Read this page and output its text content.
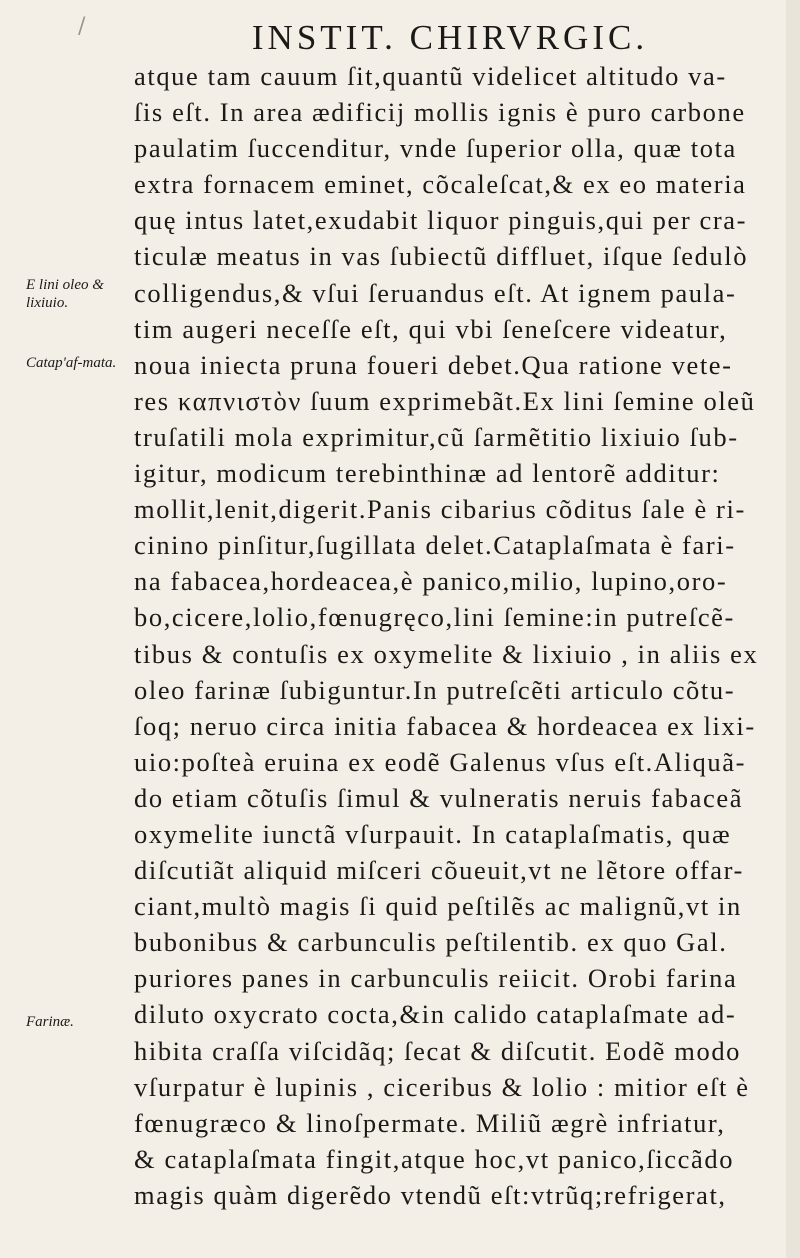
/	INSTIT. CHIRVRGIC.
E lini oleo & lixiuio.
Catap'af-mata.
Farinæ.
atque tam cauum ſit,quantũ videlicet altitudo va-
ſis eſt. In area ædificij mollis ignis è puro carbone
paulatim ſuccenditur, vnde ſuperior olla, quæ tota
extra fornacem eminet, cõcaleſcat,& ex eo materia
quę intus latet,exudabit liquor pinguis,qui per cra-
ticulæ meatus in vas ſubiectũ diffluet, iſque ſedulò
colligendus,& vſui ſeruandus eſt. At ignem paula-
tim augeri neceſſe eſt, qui vbi ſeneſcere videatur,
noua iniecta pruna foueri debet.Qua ratione vete-
res καπνιστὸν ſuum exprimebãt.Ex lini ſemine oleũ
truſatili mola exprimitur,cũ ſarmẽtitio lixiuio ſub-
igitur, modicum terebinthinæ ad lentorẽ additur:
mollit,lenit,digerit.Panis cibarius cõditus ſale è ri-
cinino pinſitur,ſugillata delet.Cataplaſmata è fari-
na fabacea,hordeacea,è panico,milio, lupino,oro-
bo,cicere,lolio,fœnugręco,lini ſemine:in putreſcẽ-
tibus & contuſis ex oxymelite & lixiuio , in aliis ex
oleo farinæ ſubiguntur.In putreſcẽti articulo cõtu-
ſoq; neruo circa initia fabacea & hordeacea ex lixi-
uio:poſteà eruina ex eodẽ Galenus vſus eſt.Aliquã-
do etiam cõtuſis ſimul & vulneratis neruis fabaceã
oxymelite iunctã vſurpauit. In cataplaſmatis, quæ
diſcutiãt aliquid miſceri cõueuit,vt ne lẽtore offar-
ciant,multò magis ſi quid peſtilẽs ac malignũ,vt in
bubonibus & carbunculis peſtilentib. ex quo Gal.
puriores panes in carbunculis reiicit. Orobi farina
diluto oxycrato cocta,&in calido cataplaſmate ad-
hibita craſſa viſcidãq; ſecat & diſcutit. Eodẽ modo
vſurpatur è lupinis , ciceribus & lolio : mitior eſt è
fœnugræco & linoſpermate. Miliũ ægrè infriatur,
& cataplaſmata fingit,atque hoc,vt panico,ſiccãdo
magis quàm digerẽdo vtendũ eſt:vtrũq;refrigerat,
